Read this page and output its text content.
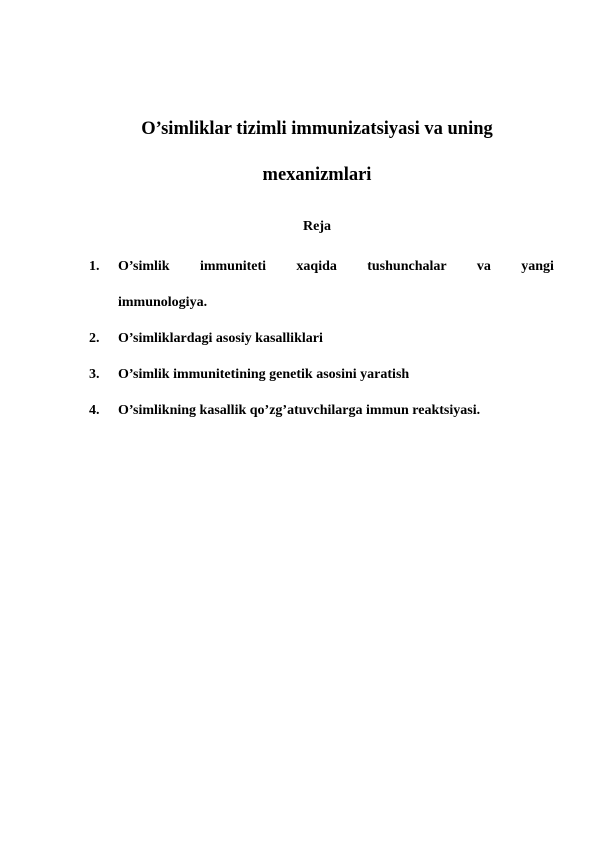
O’simliklar tizimli immunizatsiyasi va uning
mexanizmlari
Reja
1. O’simlik immuniteti xaqida tushunchalar va yangi
immunologiya.
2. O’simliklardagi asosiy kasalliklari
3. O’simlik immunitetining genetik asosini yaratish
4. O’simlikning kasallik qo’zg’atuvchilarga immun reaktsiyasi.
